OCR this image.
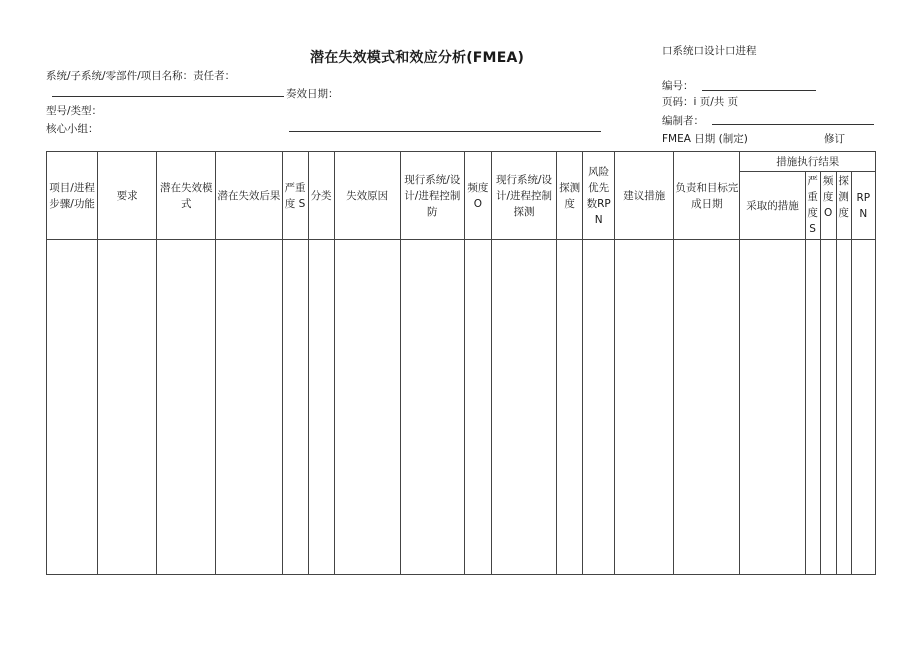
潜在失效模式和效应分析(FMEA)	口系统口设计口进程
系统/子系统/零部件/项目名称：责任者：
奏效日期：
型号/类型：
核心小组：
编号：
页码：i 页/共 页
编制者：
FMEA 日期 (制定)	修订
项目/进程步骤/功能	要求	潜在失效模式	潜在失效后果	严重度 S	分类	失效原因	现行系统/设计/进程控制防	频度O	现行系统/设计/进程控制探测	探测度	风险优先数RPN	建议措施	负责和目标完成日期	措施执行结果				

														采取的措施	严重度S	频度O	探测度	RPN
